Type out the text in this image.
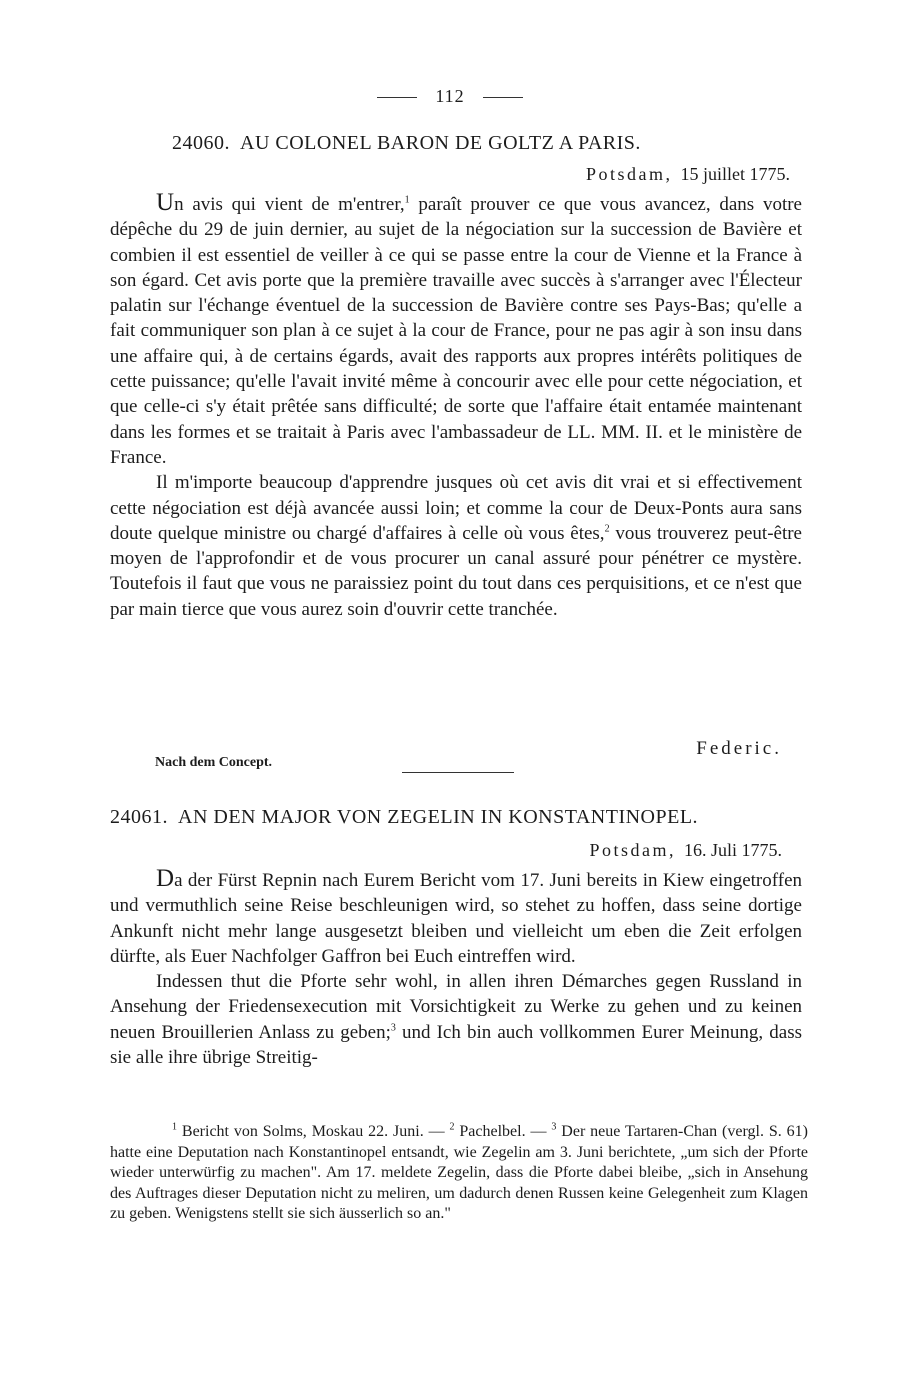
112
24060. AU COLONEL BARON DE GOLTZ A PARIS.
Potsdam, 15 juillet 1775.

Un avis qui vient de m'entrer,$^1$ paraît prouver ce que vous avancez, dans votre dépêche du 29 de juin dernier, au sujet de la négociation sur la succession de Bavière et combien il est essentiel de veiller à ce qui se passe entre la cour de Vienne et la France à son égard. Cet avis porte que la première travaille avec succès à s'arranger avec l'Électeur palatin sur l'échange éventuel de la succession de Bavière contre ses Pays-Bas; qu'elle a fait communiquer son plan à ce sujet à la cour de France, pour ne pas agir à son insu dans une affaire qui, à de certains égards, avait des rapports aux propres intérêts politiques de cette puissance; qu'elle l'avait invité même à concourir avec elle pour cette négociation, et que celle-ci s'y était prêtée sans difficulté; de sorte que l'affaire était entamée maintenant dans les formes et se traitait à Paris avec l'ambassadeur de LL. MM. II. et le ministère de France.

Il m'importe beaucoup d'apprendre jusques où cet avis dit vrai et si effectivement cette négociation est déjà avancée aussi loin; et comme la cour de Deux-Ponts aura sans doute quelque ministre ou chargé d'affaires à celle où vous êtes,$^2$ vous trouverez peut-être moyen de l'approfondir et de vous procurer un canal assuré pour pénétrer ce mystère. Toutefois il faut que vous ne paraissiez point du tout dans ces perquisitions, et ce n'est que par main tierce que vous aurez soin d'ouvrir cette tranchée.

Federic.
Nach dem Concept.
24061. AN DEN MAJOR VON ZEGELIN IN KONSTANTINOPEL.
Potsdam, 16. Juli 1775.

Da der Fürst Repnin nach Eurem Bericht vom 17. Juni bereits in Kiew eingetroffen und vermuthlich seine Reise beschleunigen wird, so stehet zu hoffen, dass seine dortige Ankunft nicht mehr lange ausgesetzt bleiben und vielleicht um eben die Zeit erfolgen dürfte, als Euer Nachfolger Gaffron bei Euch eintreffen wird.

Indessen thut die Pforte sehr wohl, in allen ihren Démarches gegen Russland in Ansehung der Friedensexecution mit Vorsichtigkeit zu Werke zu gehen und zu keinen neuen Brouillerien Anlass zu geben;$^3$ und Ich bin auch vollkommen Eurer Meinung, dass sie alle ihre übrige Streitig-

$^1$ Bericht von Solms, Moskau 22. Juni. — $^2$ Pachelbel. — $^3$ Der neue Tartaren-Chan (vergl. S. 61) hatte eine Deputation nach Konstantinopel entsandt, wie Zegelin am 3. Juni berichtete, „um sich der Pforte wieder unterwürfig zu machen". Am 17. meldete Zegelin, dass die Pforte dabei bleibe, „sich in Ansehung des Auftrages dieser Deputation nicht zu meliren, um dadurch denen Russen keine Gelegenheit zum Klagen zu geben. Wenigstens stellt sie sich äusserlich so an."
